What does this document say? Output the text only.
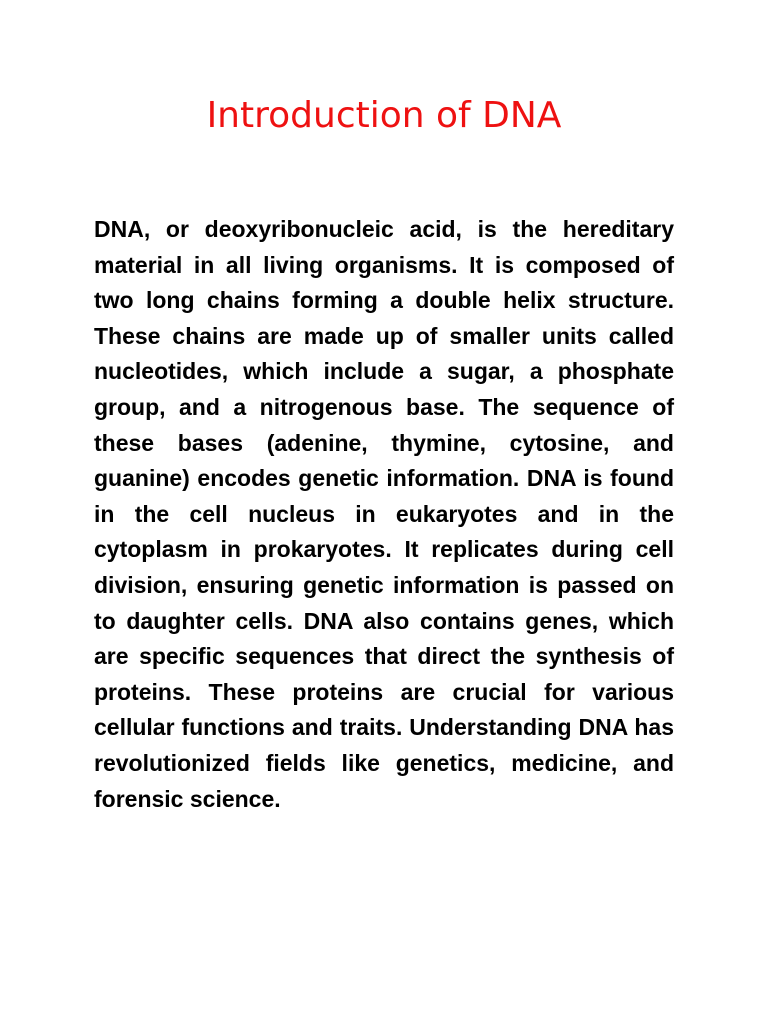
Introduction of DNA

DNA, or deoxyribonucleic acid, is the hereditary material in all living organisms. It is composed of two long chains forming a double helix structure. These chains are made up of smaller units called nucleotides, which include a sugar, a phosphate group, and a nitrogenous base. The sequence of these bases (adenine, thymine, cytosine, and guanine) encodes genetic information. DNA is found in the cell nucleus in eukaryotes and in the cytoplasm in prokaryotes. It replicates during cell division, ensuring genetic information is passed on to daughter cells. DNA also contains genes, which are specific sequences that direct the synthesis of proteins. These proteins are crucial for various cellular functions and traits. Understanding DNA has revolutionized fields like genetics, medicine, and forensic science.
